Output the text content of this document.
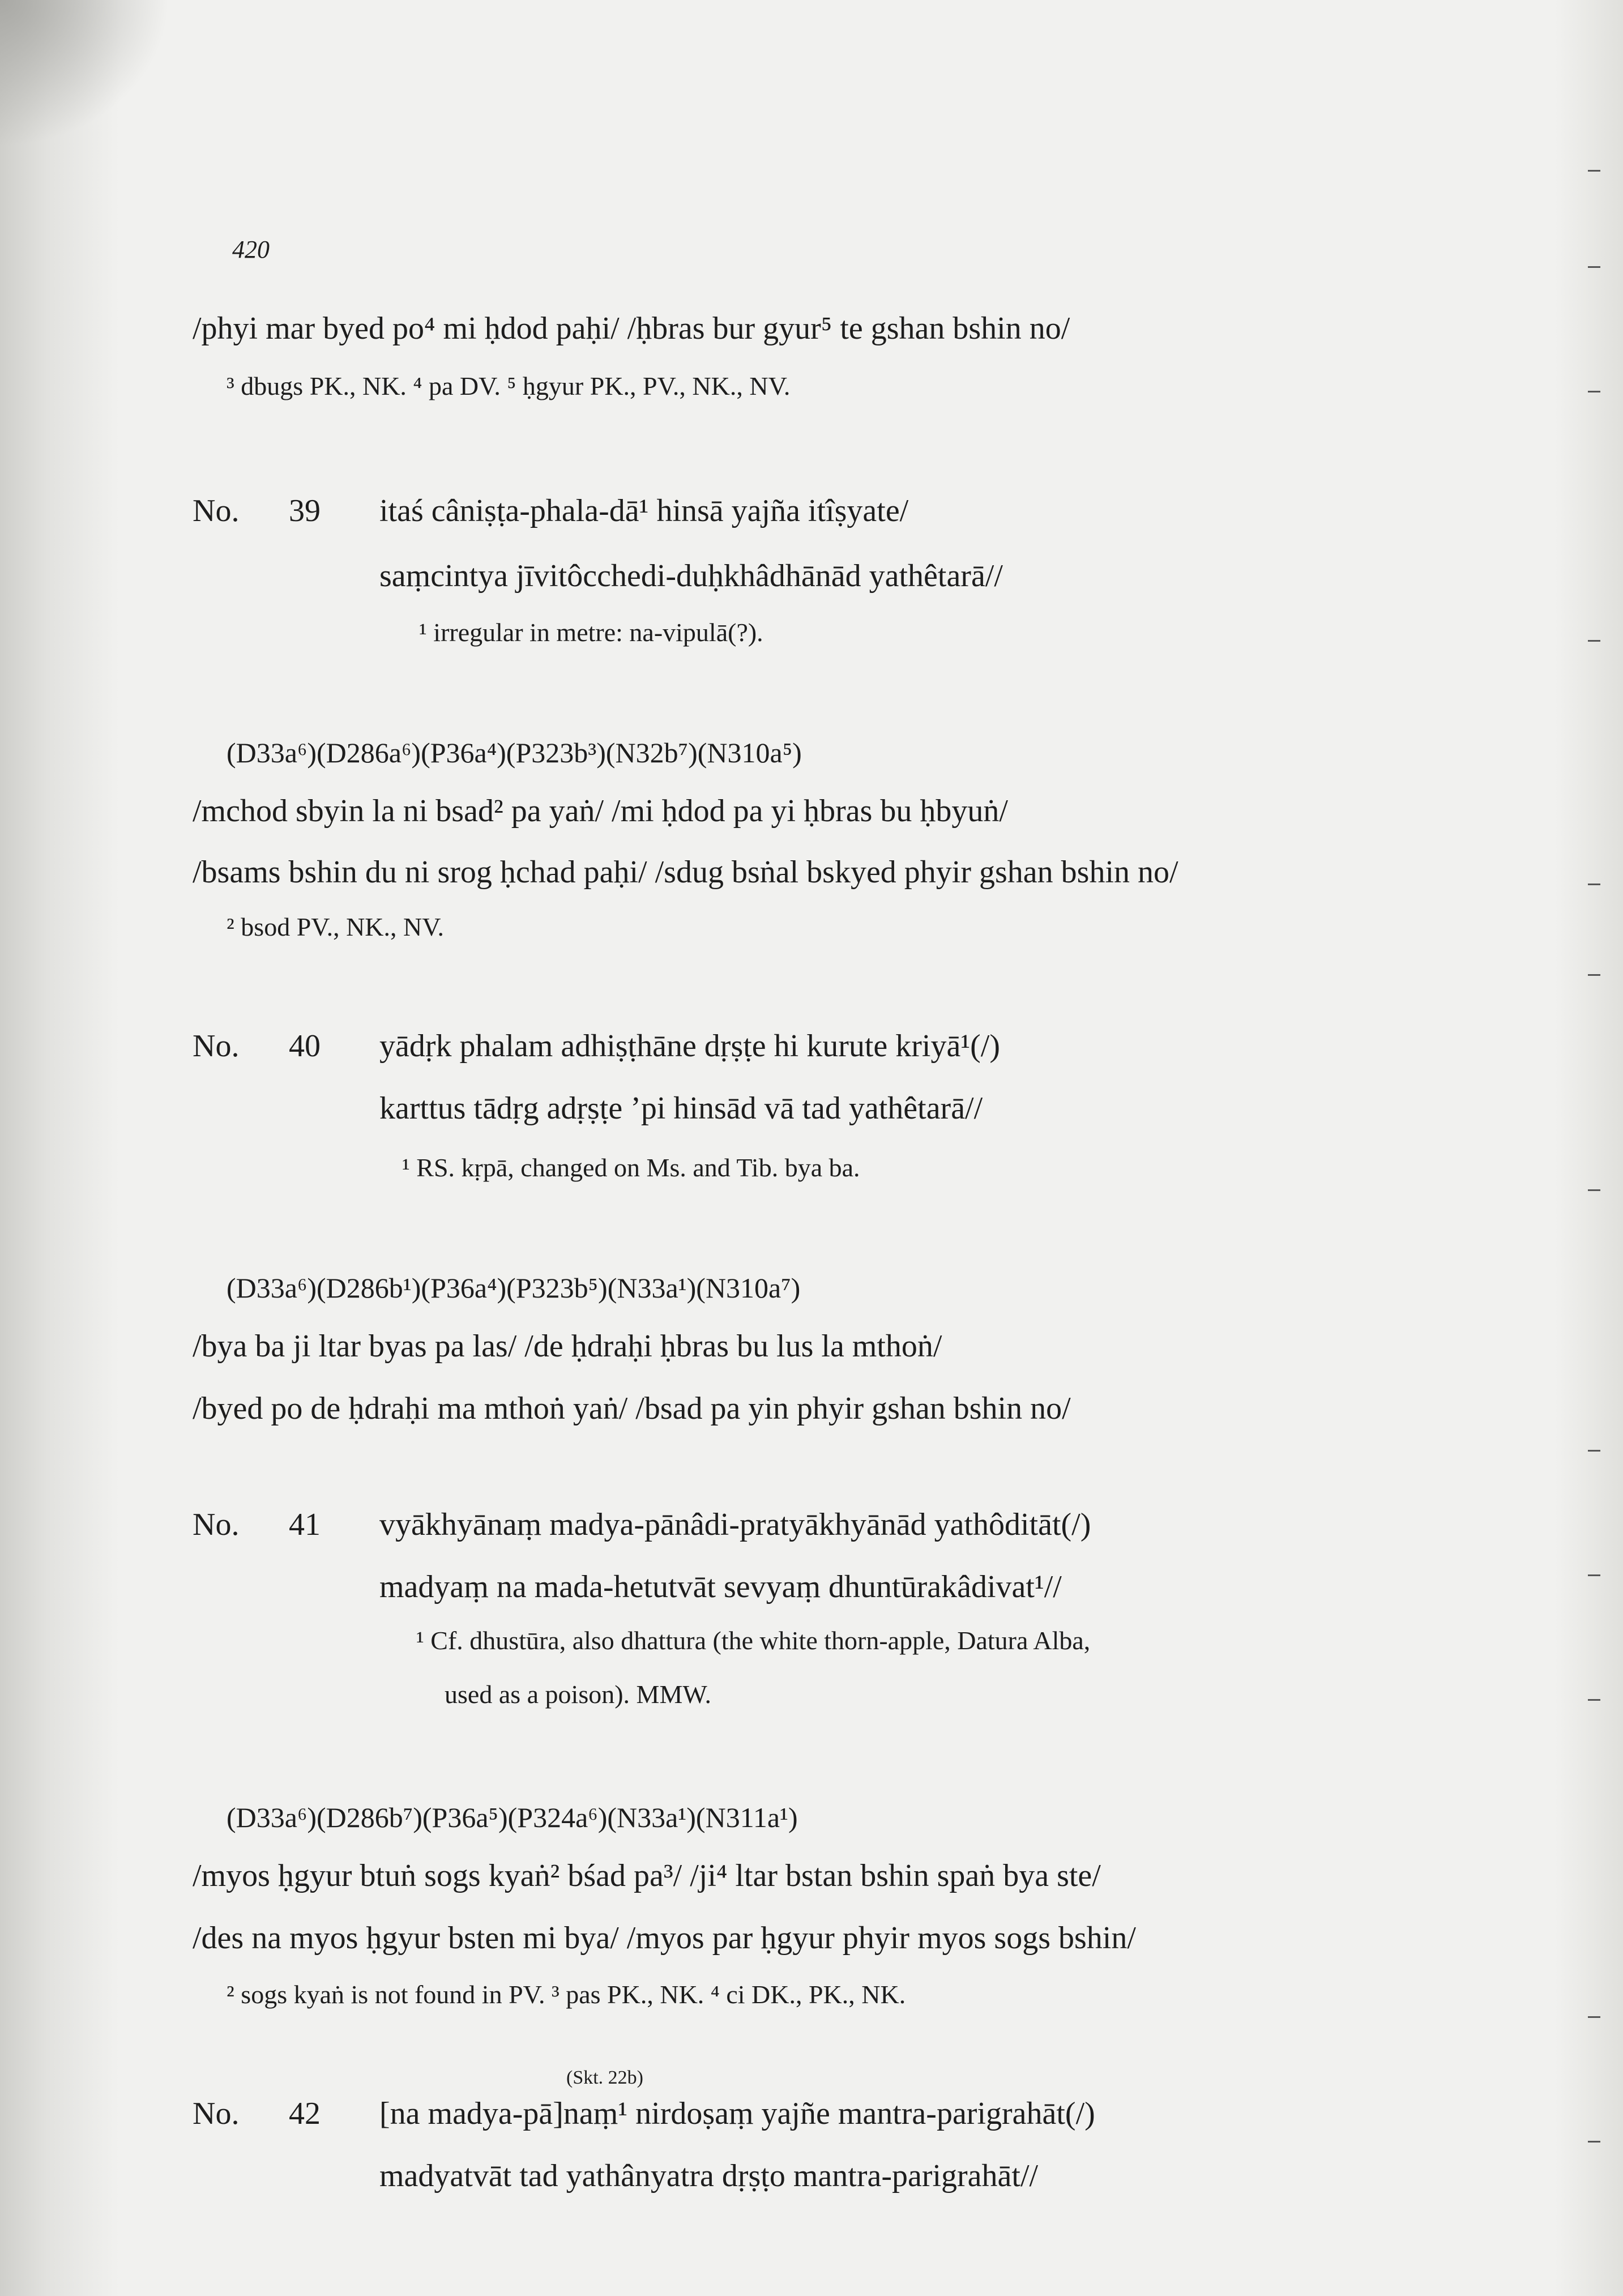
420
/phyi mar byed po⁴ mi ḥdod paḥi/ /ḥbras bur gyur⁵ te gshan bshin no/
³ dbugs PK., NK. ⁴ pa DV. ⁵ ḥgyur PK., PV., NK., NV.
No. 39 itaś câniṣṭa-phala-dā¹ hinsā yajña itîṣyate/
saṃcintya jīvitôcchedi-duḥkhâdhānād yathêtarā//
¹ irregular in metre: na-vipulā(?).
(D33a⁶)(D286a⁶)(P36a⁴)(P323b³)(N32b⁷)(N310a⁵)
/mchod sbyin la ni bsad² pa yaṅ/ /mi ḥdod pa yi ḥbras bu ḥbyuṅ/
/bsams bshin du ni srog ḥchad paḥi/ /sdug bsṅal bskyed phyir gshan bshin no/
² bsod PV., NK., NV.
No. 40 yādṛk phalam adhiṣṭhāne dṛṣṭe hi kurute kriyā¹(/)
karttus tādṛg adṛṣṭe ’pi hinsād vā tad yathêtarā//
¹ RS. kṛpā, changed on Ms. and Tib. bya ba.
(D33a⁶)(D286b¹)(P36a⁴)(P323b⁵)(N33a¹)(N310a⁷)
/bya ba ji ltar byas pa las/ /de ḥdraḥi ḥbras bu lus la mthoṅ/
/byed po de ḥdraḥi ma mthoṅ yaṅ/ /bsad pa yin phyir gshan bshin no/
No. 41 vyākhyānaṃ madya-pānâdi-pratyākhyānād yathôditāt(/)
madyaṃ na mada-hetutvāt sevyaṃ dhuntūrakâdivat¹//
¹ Cf. dhustūra, also dhattura (the white thorn-apple, Datura Alba,
used as a poison). MMW.
(D33a⁶)(D286b⁷)(P36a⁵)(P324a⁶)(N33a¹)(N311a¹)
/myos ḥgyur btuṅ sogs kyaṅ² bśad pa³/ /ji⁴ ltar bstan bshin spaṅ bya ste/
/des na myos ḥgyur bsten mi bya/ /myos par ḥgyur phyir myos sogs bshin/
² sogs kyaṅ is not found in PV. ³ pas PK., NK. ⁴ ci DK., PK., NK.
(Skt. 22b)
No. 42 [na madya-pā]naṃ¹ nirdoṣaṃ yajñe mantra-parigrahāt(/)
madyatvāt tad yathânyatra dṛṣṭo mantra-parigrahāt//
